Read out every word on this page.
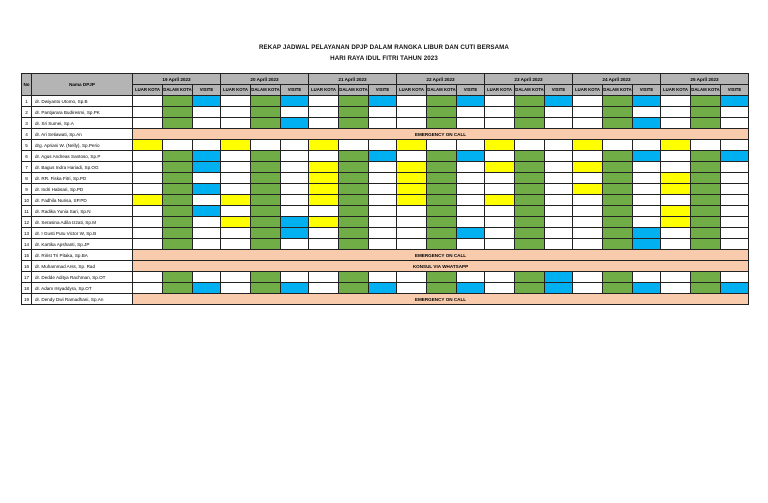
REKAP JADWAL PELAYANAN DPJP DALAM RANGKA LIBUR DAN CUTI BERSAMA
HARI RAYA IDUL FITRI TAHUN 2023
No	Nama DPJP	19 April 2023			20 April 2023			21 April 2023			22 April 2023			23 April 2023			24 April 2023			25 April 2023		
		LUAR KOTA	DALAM KOTA	VISITE	LUAR KOTA	DALAM KOTA	VISITE	LUAR KOTA	DALAM KOTA	VISITE	LUAR KOTA	DALAM KOTA	VISITE	LUAR KOTA	DALAM KOTA	VISITE	LUAR KOTA	DALAM KOTA	VISITE	LUAR KOTA	DALAM KOTA	VISITE
1	dr. Dwiyanto Utomo, Sp.B																					
2	dr. Pantjarara Budiresmi, Sp.PK																					
3	dr. Sri Sumei, Sp.A																					
4	dr. Ari Setiawati, Sp.An	EMERGENCY ON CALL																				
5	drg. Apriani W. (Nelly), Sp.Perio																					
6	dr. Agus Andreas Santoso, Sp.P																					
7	dr. Bagus Indra Hariadi, Sp.OG																					
8	dr. RR. Fiska Fitri, Sp.PD																					
9	dr. Indri Habsari, Sp.PD																					
10	dr. Fadhila Nurisa, SP.PD																					
11	dr. Radika Yunia Sari, Sp.N																					
12	dr. Serasina Adila Izzati, Sp.M																					
13	dr. I Gusti Putu Victor W, Sp.B																					
14	dr. Kartika Apshanti, Sp.JP																					
15	dr. Ririst Tri Pitaka, Sp.BA	EMERGENCY ON CALL																				
16	dr. Muhammad Arss, Sp. Rad	KONSUL VIA WHATSAPP																				
17	dr. Dedde Aditya Rachman, Sp.OT																					
18	dr. Adam Irsyaddyra, Sp.OT																					
19	dr. Dendy Dwi Ramadhani, Sp.An	EMERGENCY ON CALL																				
